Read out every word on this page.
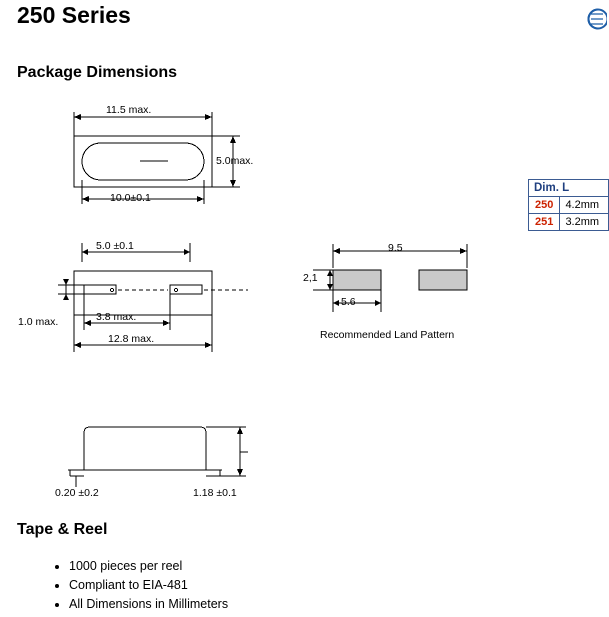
250 Series
Package Dimensions
Tape & Reel
11.5 max.
5.0max.
10.0±0.1
5.0 ±0.1
1.0 max.	3.8 max.
12.8 max.
9.5
2,1
5.6
Recommended Land Pattern
0.20 ±0.2	1.18 ±0.1
Dim. L	
250	4.2mm
251	3.2mm
• 1000 pieces per reel
• Compliant to EIA-481
• All Dimensions in Millimeters
